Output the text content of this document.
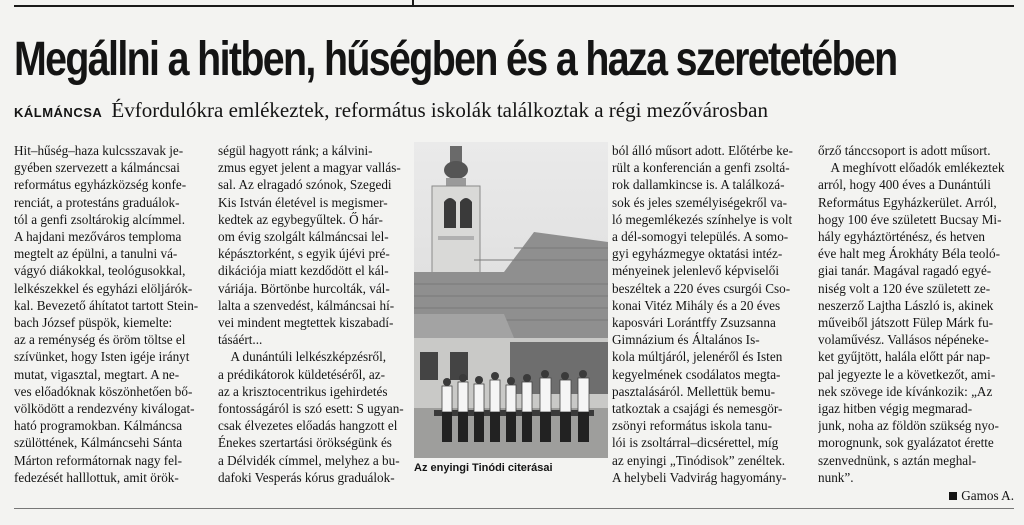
Megállni a hitben, hűségben és a haza szeretetében
KÁLMÁNCSA Évfordulókra emlékeztek, református iskolák találkoztak a régi mezővárosban
Hit–hűség–haza kulcsszavak je-
gyében szervezett a kálmáncsai
református egyházközség konfe-
renciát, a protestáns graduálok-
tól a genfi zsoltárokig alcímmel.
A hajdani mezőváros temploma
megtelt az épülni, a tanulni vá-
vágyó diákokkal, teológusokkal,
lelkészekkel és egyházi elöljárók-
kal. Bevezető áhítatot tartott Stein-
bach József püspök, kiemelte:
az a reménység és öröm töltse el
szívünket, hogy Isten igéje irányt
mutat, vigasztal, megtart. A ne-
ves előadóknak köszönhetően bő-
völködött a rendezvény kiválogat-
ható programokban. Kálmáncsa
szülöttének, Kálmáncsehi Sánta
Márton reformátornak nagy fel-
fedezését halllottuk, amit örök-
ségül hagyott ránk; a kálvini-
zmus egyet jelent a magyar vallás-
sal. Az elragadó szónok, Szegedi
Kis István életével is megismer-
kedtek az egybegyűltek. Ő hár-
om évig szolgált kálmáncsai lel-
képásztorként, s egyik újévi pré-
dikációja miatt kezdődött el kál-
váriája. Börtönbe hurcolták, vál-
lalta a szenvedést, kálmáncsai hí-
vei mindent megtettek kiszabadí-
tásáért...
A dunántúli lelkészképzésről,
a prédikátorok küldetéséről, az-
az a krisztocentrikus igehirdetés
fontosságáról is szó esett: S ugyan-
csak élvezetes előadás hangzott el
Énekes szertartási örökségünk és
a Délvidék címmel, melyhez a bu-
dafoki Vesperás kórus graduálok-
Az enyingi Tinódi citerásai
ból álló műsort adott. Előtérbe ke-
rült a konferencián a genfi zsoltá-
rok dallamkincse is. A találkozá-
sok és jeles személyiségekről va-
ló megemlékezés színhelye is volt
a dél-somogyi település. A somo-
gyi egyházmegye oktatási intéz-
ményeinek jelenlevő képviselői
beszéltek a 220 éves csurgói Cso-
konai Vitéz Mihály és a 20 éves
kaposvári Lorántffy Zsuzsanna
Gimnázium és Általános Is-
kola múltjáról, jelenéről és Isten
kegyelmének csodálatos megta-
pasztalásáról. Mellettük bemu-
tatkoztak a csajági és nemesgör-
zsönyi református iskola tanu-
lói is zsoltárral–dicsérettel, míg
az enyingi „Tinódisok” zenéltek.
A helybeli Vadvirág hagyomány-
őrző tánccsoport is adott műsort.
A meghívott előadók emlékeztek
arról, hogy 400 éves a Dunántúli
Református Egyházkerület. Arról,
hogy 100 éve született Bucsay Mi-
hály egyháztörténész, és hetven
éve halt meg Árokháty Béla teoló-
giai tanár. Magával ragadó egyé-
niség volt a 120 éve született ze-
neszerző Lajtha László is, akinek
műveiből játszott Fülep Márk fu-
volaművész. Vallásos népéneke-
ket gyűjtött, halála előtt pár nap-
pal jegyezte le a következőt, ami-
nek szövege ide kívánkozik: „Az
igaz hitben végig megmarad-
junk, noha az földön szükség nyo-
morognunk, sok gyalázatot érette
szenvednünk, s aztán meghal-
nunk”.
Gamos A.
